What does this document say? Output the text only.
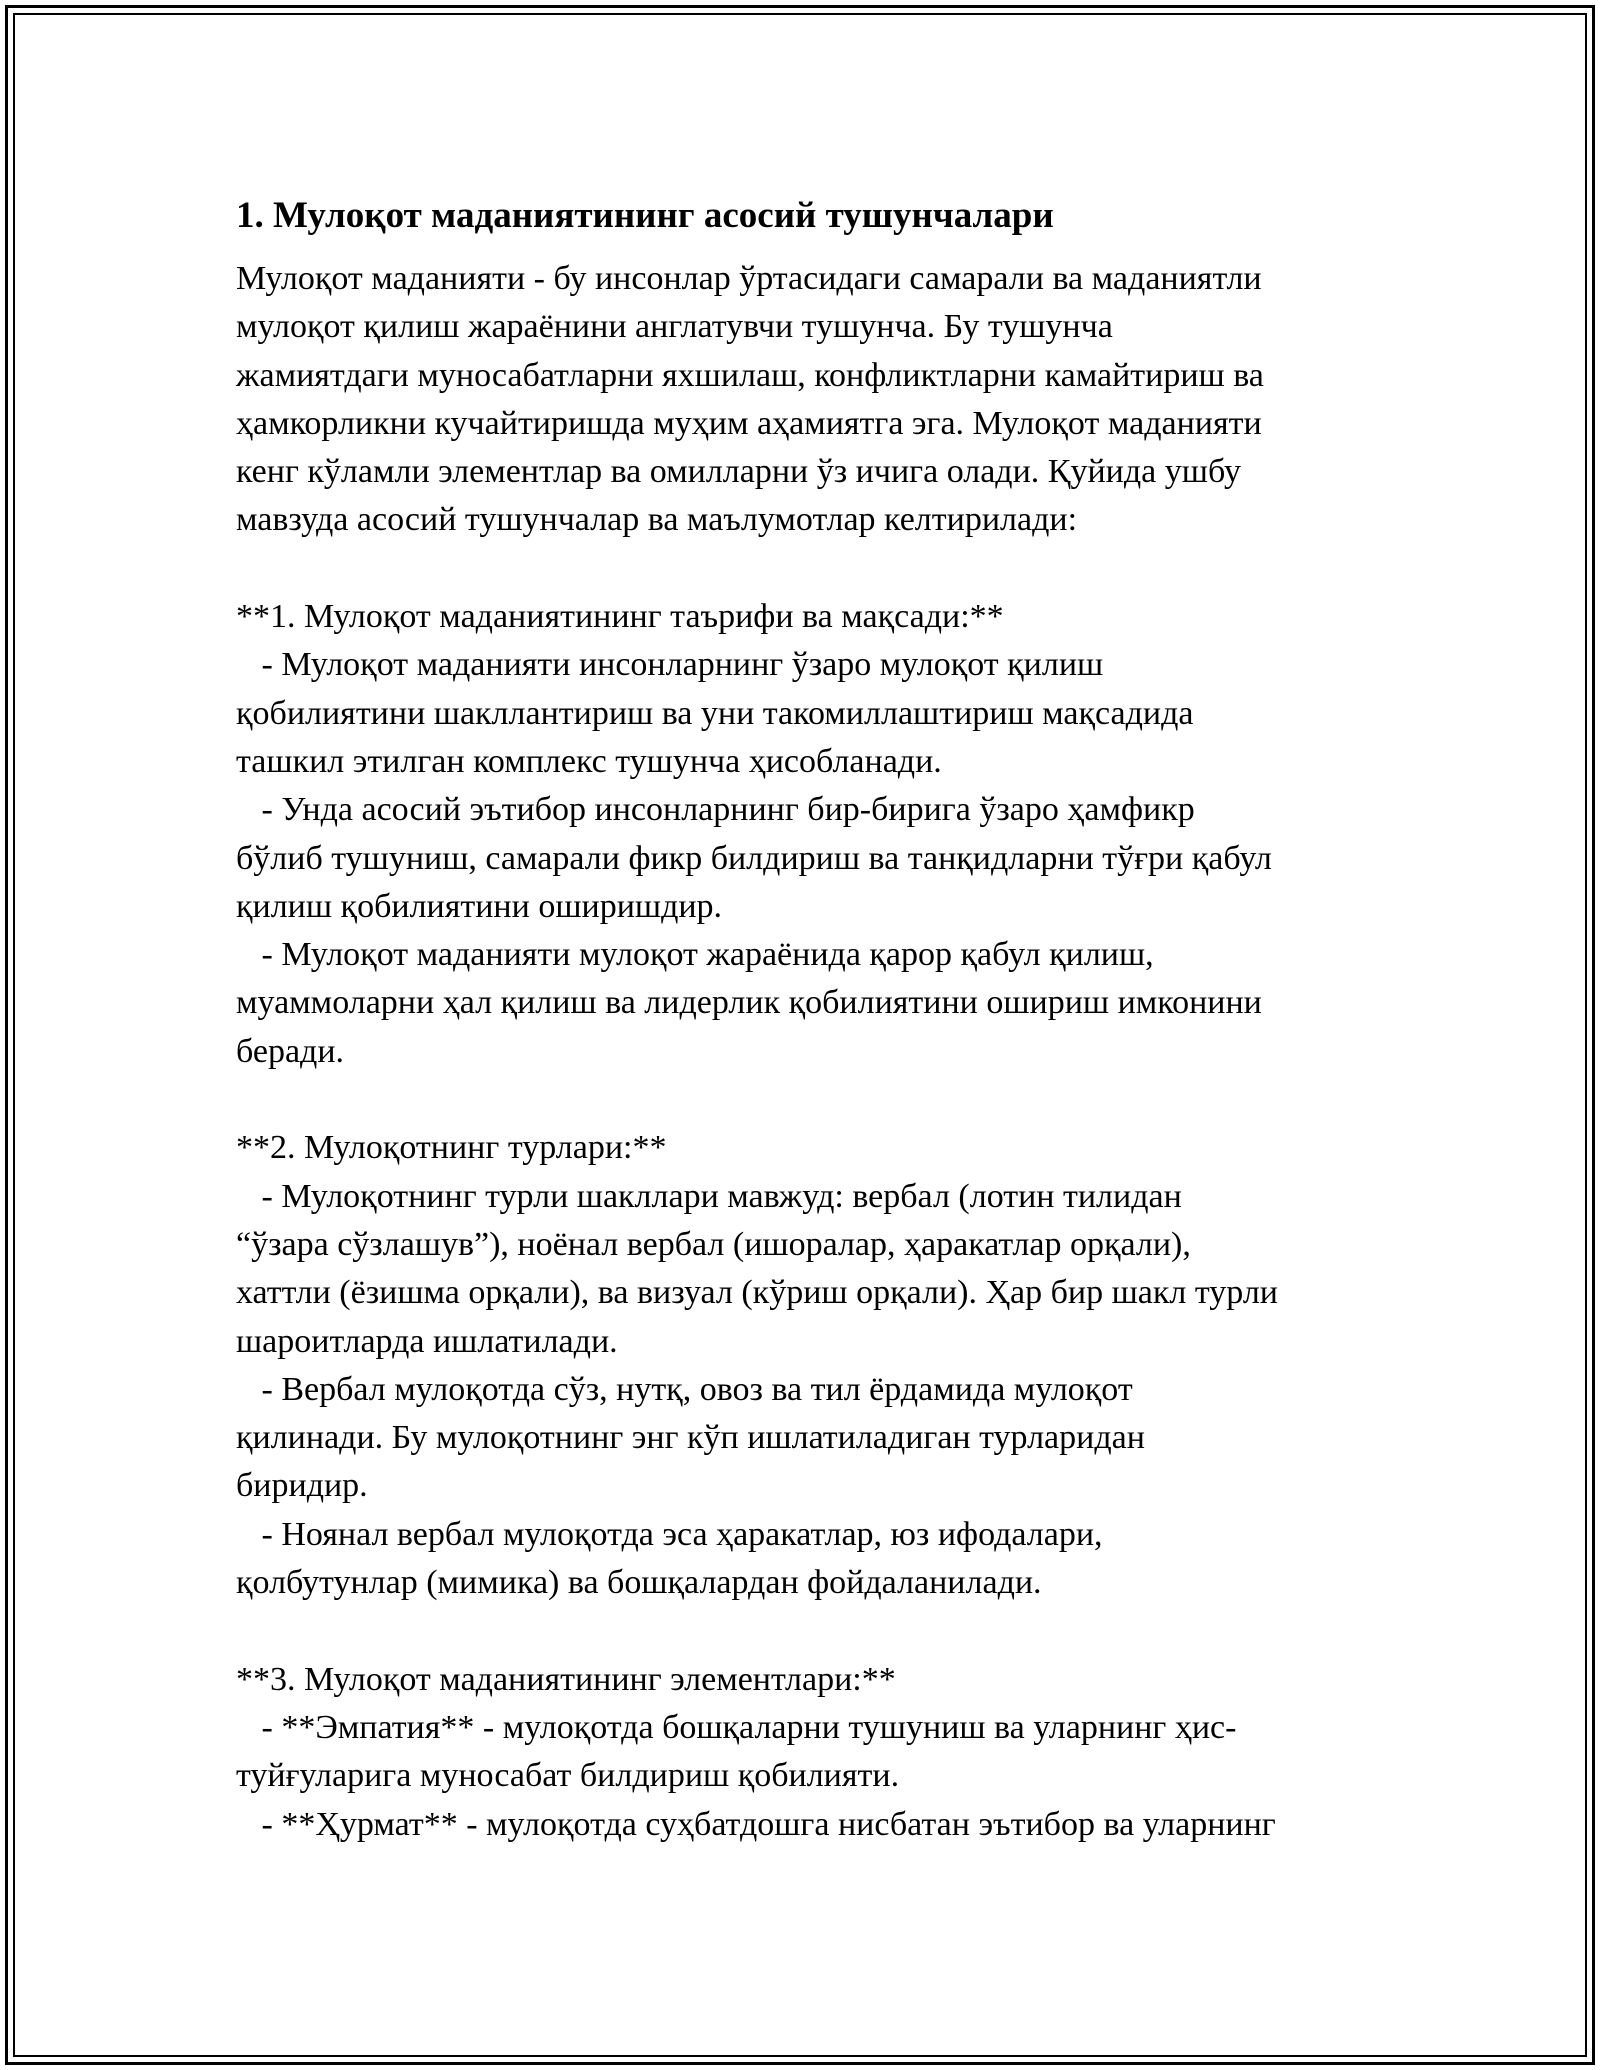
1. Мулоқот маданиятининг асосий тушунчалари

Мулоқот маданияти - бу инсонлар ўртасидаги самарали ва маданиятли

мулоқот қилиш жараёнини англатувчи тушунча. Бу тушунча

жамиятдаги муносабатларни яхшилаш, конфликтларни камайтириш ва

ҳамкорликни кучайтиришда муҳим аҳамиятга эга. Мулоқот маданияти

кенг кўламли элементлар ва омилларни ўз ичига олади. Қуйида ушбу

мавзуда асосий тушунчалар ва маълумотлар келтирилади:

**1. Мулоқот маданиятининг таърифи ва мақсади:**

- Мулоқот маданияти инсонларнинг ўзаро мулоқот қилиш

қобилиятини шакллантириш ва уни такомиллаштириш мақсадида

ташкил этилган комплекс тушунча ҳисобланади.

- Унда асосий эътибор инсонларнинг бир-бирига ўзаро ҳамфикр

бўлиб тушуниш, самарали фикр билдириш ва танқидларни тўғри қабул

қилиш қобилиятини оширишдир.

- Мулоқот маданияти мулоқот жараёнида қарор қабул қилиш,

муаммоларни ҳал қилиш ва лидерлик қобилиятини ошириш имконини

беради.

**2. Мулоқотнинг турлари:**

- Мулоқотнинг турли шакллари мавжуд: вербал (лотин тилидан

“ўзара сўзлашув”), ноёнал вербал (ишоралар, ҳаракатлар орқали),

хаттли (ёзишма орқали), ва визуал (кўриш орқали). Ҳар бир шакл турли

шароитларда ишлатилади.

- Вербал мулоқотда сўз, нутқ, овоз ва тил ёрдамида мулоқот

қилинади. Бу мулоқотнинг энг кўп ишлатиладиган турларидан

биридир.

- Ноянал вербал мулоқотда эса ҳаракатлар, юз ифодалари,

қолбутунлар (мимика) ва бошқалардан фойдаланилади.

**3. Мулоқот маданиятининг элементлари:**

- **Эмпатия** - мулоқотда бошқаларни тушуниш ва уларнинг ҳис-

туйғуларига муносабат билдириш қобилияти.

- **Ҳурмат** - мулоқотда суҳбатдошга нисбатан эътибор ва уларнинг
